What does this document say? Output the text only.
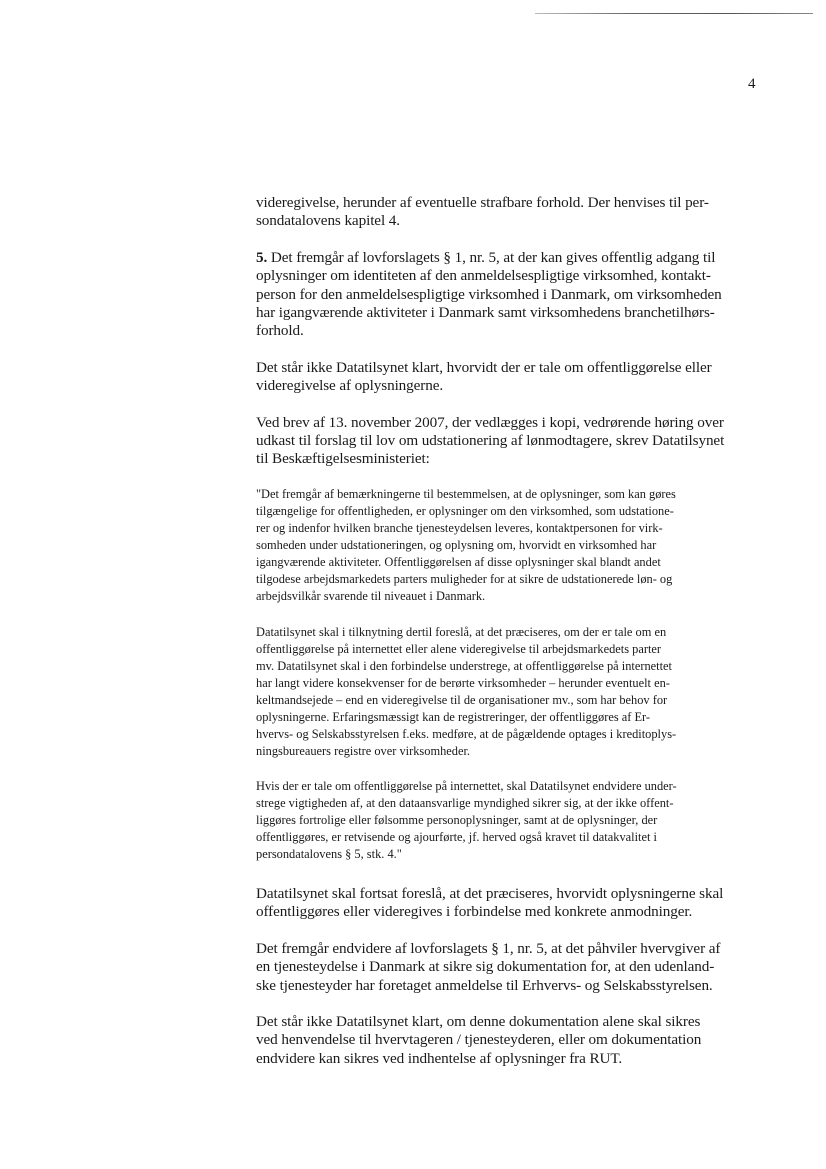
4

videregivelse, herunder af eventuelle strafbare forhold. Der henvises til per-
sondatalovens kapitel 4.

5. Det fremgår af lovforslagets § 1, nr. 5, at der kan gives offentlig adgang til
oplysninger om identiteten af den anmeldelsespligtige virksomhed, kontakt-
person for den anmeldelsespligtige virksomhed i Danmark, om virksomheden
har igangværende aktiviteter i Danmark samt virksomhedens branchetilhørs-
forhold.

Det står ikke Datatilsynet klart, hvorvidt der er tale om offentliggørelse eller
videregivelse af oplysningerne.

Ved brev af 13. november 2007, der vedlægges i kopi, vedrørende høring over
udkast til forslag til lov om udstationering af lønmodtagere, skrev Datatilsynet
til Beskæftigelsesministeriet:

"Det fremgår af bemærkningerne til bestemmelsen, at de oplysninger, som kan gøres
tilgængelige for offentligheden, er oplysninger om den virksomhed, som udstatione-
rer og indenfor hvilken branche tjenesteydelsen leveres, kontaktpersonen for virk-
somheden under udstationeringen, og oplysning om, hvorvidt en virksomhed har
igangværende aktiviteter. Offentliggørelsen af disse oplysninger skal blandt andet
tilgodese arbejdsmarkedets parters muligheder for at sikre de udstationerede løn- og
arbejdsvilkår svarende til niveauet i Danmark.

Datatilsynet skal i tilknytning dertil foreslå, at det præciseres, om der er tale om en
offentliggørelse på internettet eller alene videregivelse til arbejdsmarkedets parter
mv. Datatilsynet skal i den forbindelse understrege, at offentliggørelse på internettet
har langt videre konsekvenser for de berørte virksomheder – herunder eventuelt en-
keltmandsejede – end en videregivelse til de organisationer mv., som har behov for
oplysningerne. Erfaringsmæssigt kan de registreringer, der offentliggøres af Er-
hvervs- og Selskabsstyrelsen f.eks. medføre, at de pågældende optages i kreditoplys-
ningsbureauers registre over virksomheder.

Hvis der er tale om offentliggørelse på internettet, skal Datatilsynet endvidere under-
strege vigtigheden af, at den dataansvarlige myndighed sikrer sig, at der ikke offent-
liggøres fortrolige eller følsomme personoplysninger, samt at de oplysninger, der
offentliggøres, er retvisende og ajourførte, jf. herved også kravet til datakvalitet i
persondatalovens § 5, stk. 4."

Datatilsynet skal fortsat foreslå, at det præciseres, hvorvidt oplysningerne skal
offentliggøres eller videregives i forbindelse med konkrete anmodninger.

Det fremgår endvidere af lovforslagets § 1, nr. 5, at det påhviler hvervgiver af
en tjenesteydelse i Danmark at sikre sig dokumentation for, at den udenland-
ske tjenesteyder har foretaget anmeldelse til Erhvervs- og Selskabsstyrelsen.

Det står ikke Datatilsynet klart, om denne dokumentation alene skal sikres
ved henvendelse til hvervtageren / tjenesteyderen, eller om dokumentation
endvidere kan sikres ved indhentelse af oplysninger fra RUT.
